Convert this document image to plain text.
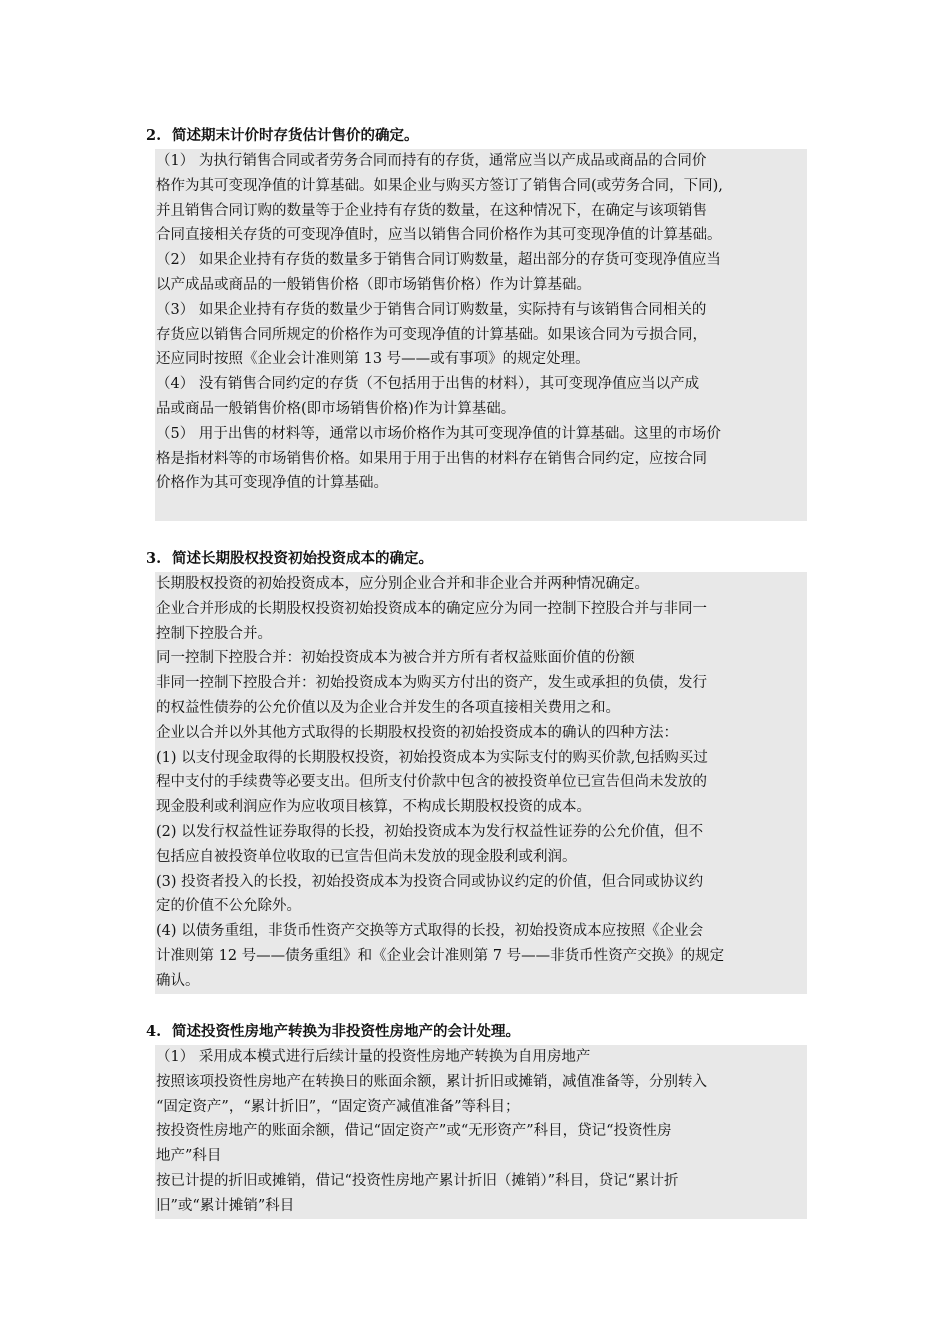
2. 简述期末计价时存货估计售价的确定。
（1） 为执行销售合同或者劳务合同而持有的存货，通常应当以产成品或商品的合同价
格作为其可变现净值的计算基础。如果企业与购买方签订了销售合同(或劳务合同，下同),
并且销售合同订购的数量等于企业持有存货的数量，在这种情况下，在确定与该项销售
合同直接相关存货的可变现净值时，应当以销售合同价格作为其可变现净值的计算基础。
（2） 如果企业持有存货的数量多于销售合同订购数量，超出部分的存货可变现净值应当
以产成品或商品的一般销售价格（即市场销售价格）作为计算基础。
（3） 如果企业持有存货的数量少于销售合同订购数量，实际持有与该销售合同相关的
存货应以销售合同所规定的价格作为可变现净值的计算基础。如果该合同为亏损合同，
还应同时按照《企业会计准则第 13 号——或有事项》的规定处理。
（4） 没有销售合同约定的存货（不包括用于出售的材料），其可变现净值应当以产成
品或商品一般销售价格(即市场销售价格)作为计算基础。
（5） 用于出售的材料等，通常以市场价格作为其可变现净值的计算基础。这里的市场价
格是指材料等的市场销售价格。如果用于用于出售的材料存在销售合同约定，应按合同
价格作为其可变现净值的计算基础。
3. 简述长期股权投资初始投资成本的确定。
长期股权投资的初始投资成本，应分别企业合并和非企业合并两种情况确定。
企业合并形成的长期股权投资初始投资成本的确定应分为同一控制下控股合并与非同一
控制下控股合并。
同一控制下控股合并：初始投资成本为被合并方所有者权益账面价值的份额
非同一控制下控股合并：初始投资成本为购买方付出的资产，发生或承担的负债，发行
的权益性债券的公允价值以及为企业合并发生的各项直接相关费用之和。
企业以合并以外其他方式取得的长期股权投资的初始投资成本的确认的四种方法：
(1) 以支付现金取得的长期股权投资，初始投资成本为实际支付的购买价款,包括购买过
程中支付的手续费等必要支出。但所支付价款中包含的被投资单位已宣告但尚未发放的
现金股利或利润应作为应收项目核算，不构成长期股权投资的成本。
(2) 以发行权益性证券取得的长投，初始投资成本为发行权益性证券的公允价值，但不
包括应自被投资单位收取的已宣告但尚未发放的现金股利或利润。
(3) 投资者投入的长投，初始投资成本为投资合同或协议约定的价值，但合同或协议约
定的价值不公允除外。
(4) 以债务重组，非货币性资产交换等方式取得的长投，初始投资成本应按照《企业会
计准则第 12 号——债务重组》和《企业会计准则第 7 号——非货币性资产交换》的规定
确认。
4. 简述投资性房地产转换为非投资性房地产的会计处理。
（1） 采用成本模式进行后续计量的投资性房地产转换为自用房地产
按照该项投资性房地产在转换日的账面余额，累计折旧或摊销，减值准备等，分别转入
“固定资产”，“累计折旧”，“固定资产减值准备”等科目；
按投资性房地产的账面余额，借记“固定资产”或“无形资产”科目，贷记“投资性房
地产”科目
按已计提的折旧或摊销，借记“投资性房地产累计折旧（摊销）”科目，贷记“累计折
旧”或“累计摊销”科目
